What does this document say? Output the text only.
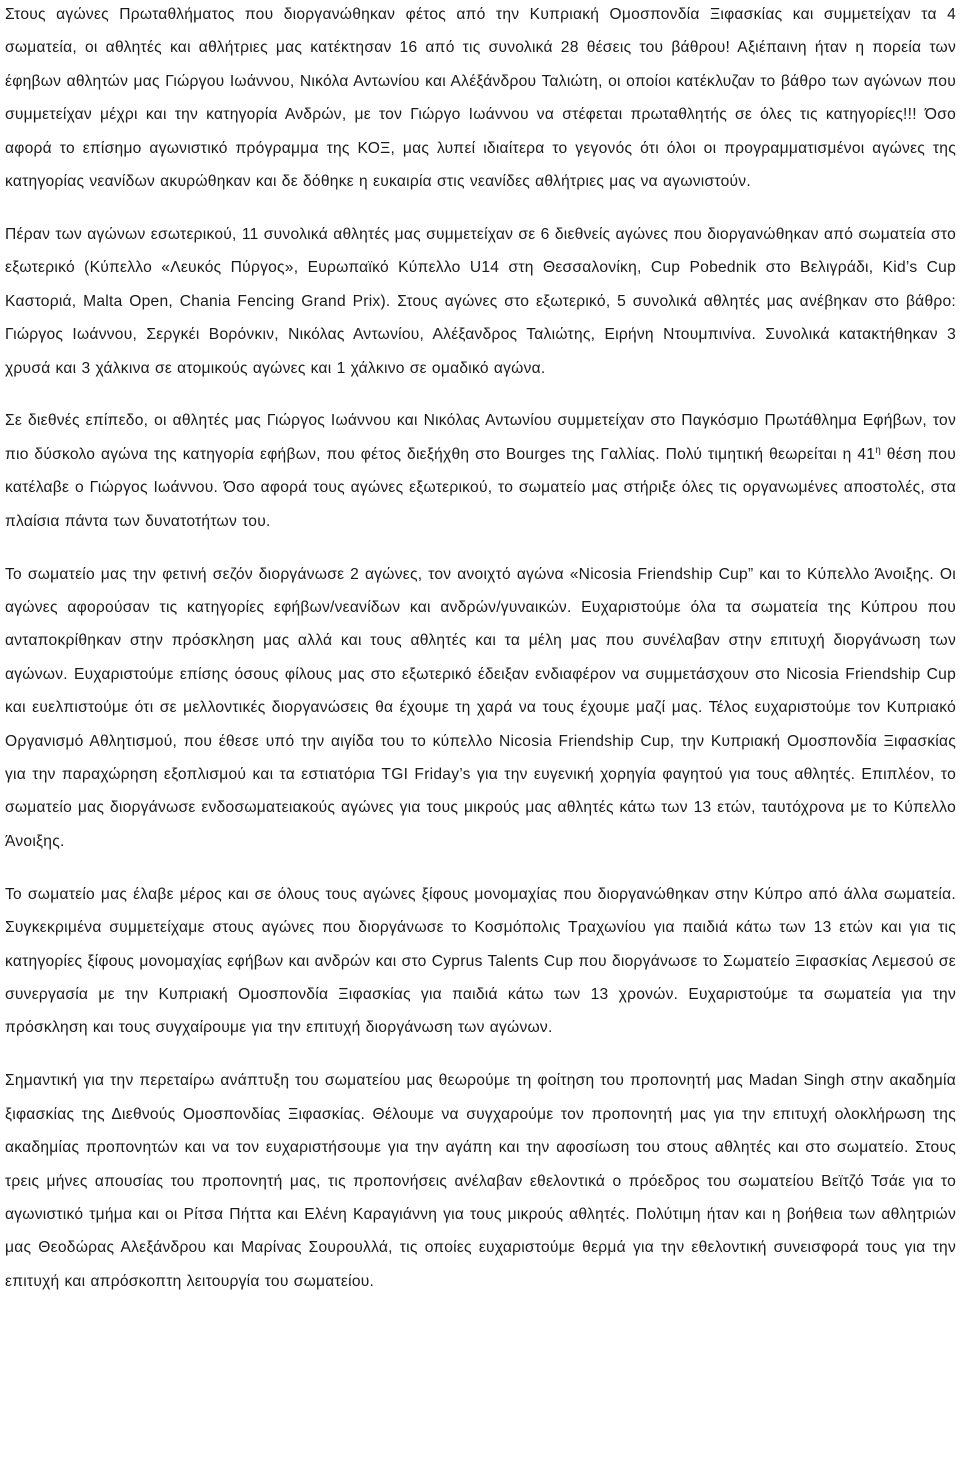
Στους αγώνες Πρωταθλήματος που διοργανώθηκαν φέτος από την Κυπριακή Ομοσπονδία Ξιφασκίας και συμμετείχαν τα 4 σωματεία, οι αθλητές και αθλήτριες μας κατέκτησαν 16 από τις συνολικά 28 θέσεις του βάθρου! Αξιέπαινη ήταν η πορεία των έφηβων αθλητών μας Γιώργου Ιωάννου, Νικόλα Αντωνίου και Αλέξάνδρου Ταλιώτη, οι οποίοι κατέκλυζαν το βάθρο των αγώνων που συμμετείχαν μέχρι και την κατηγορία Ανδρών, με τον Γιώργο Ιωάννου να στέφεται πρωταθλητής σε όλες τις κατηγορίες!!! Όσο αφορά το επίσημο αγωνιστικό πρόγραμμα της ΚΟΞ, μας λυπεί ιδιαίτερα το γεγονός ότι όλοι οι προγραμματισμένοι αγώνες της κατηγορίας νεανίδων ακυρώθηκαν και δε δόθηκε η ευκαιρία στις νεανίδες αθλήτριες μας να αγωνιστούν.

Πέραν των αγώνων εσωτερικού, 11 συνολικά αθλητές μας συμμετείχαν σε 6 διεθνείς αγώνες που διοργανώθηκαν από σωματεία στο εξωτερικό (Κύπελλο «Λευκός Πύργος», Ευρωπαϊκό Κύπελλο U14 στη Θεσσαλονίκη, Cup Pobednik στο Βελιγράδι, Kid’s Cup Καστοριά, Malta Open, Chania Fencing Grand Prix). Στους αγώνες στο εξωτερικό, 5 συνολικά αθλητές μας ανέβηκαν στο βάθρο: Γιώργος Ιωάννου, Σεργκέι Βορόνκιν, Νικόλας Αντωνίου, Αλέξανδρος Ταλιώτης, Ειρήνη Ντουμπινίνα. Συνολικά κατακτήθηκαν 3 χρυσά και 3 χάλκινα σε ατομικούς αγώνες και 1 χάλκινο σε ομαδικό αγώνα.

Σε διεθνές επίπεδο, οι αθλητές μας Γιώργος Ιωάννου και Νικόλας Αντωνίου συμμετείχαν στο Παγκόσμιο Πρωτάθλημα Εφήβων, τον πιο δύσκολο αγώνα της κατηγορία εφήβων, που φέτος διεξήχθη στο Bourges της Γαλλίας. Πολύ τιμητική θεωρείται η $41^\eta$ θέση που κατέλαβε ο Γιώργος Ιωάννου. Όσο αφορά τους αγώνες εξωτερικού, το σωματείο μας στήριξε όλες τις οργανωμένες αποστολές, στα πλαίσια πάντα των δυνατοτήτων του.

Το σωματείο μας την φετινή σεζόν διοργάνωσε 2 αγώνες, τον ανοιχτό αγώνα «Nicosia Friendship Cup” και το Κύπελλο Άνοιξης. Οι αγώνες αφορούσαν τις κατηγορίες εφήβων/νεανίδων και ανδρών/γυναικών. Ευχαριστούμε όλα τα σωματεία της Κύπρου που ανταποκρίθηκαν στην πρόσκληση μας αλλά και τους αθλητές και τα μέλη μας που συνέλαβαν στην επιτυχή διοργάνωση των αγώνων. Ευχαριστούμε επίσης όσους φίλους μας στο εξωτερικό έδειξαν ενδιαφέρον να συμμετάσχουν στο Nicosia Friendship Cup και ευελπιστούμε ότι σε μελλοντικές διοργανώσεις θα έχουμε τη χαρά να τους έχουμε μαζί μας. Τέλος ευχαριστούμε τον Κυπριακό Οργανισμό Αθλητισμού, που έθεσε υπό την αιγίδα του το κύπελλο Nicosia Friendship Cup, την Κυπριακή Ομοσπονδία Ξιφασκίας για την παραχώρηση εξοπλισμού και τα εστιατόρια TGI Friday’s για την ευγενική χορηγία φαγητού για τους αθλητές. Επιπλέον, το σωματείο μας διοργάνωσε ενδοσωματειακούς αγώνες για τους μικρούς μας αθλητές κάτω των 13 ετών, ταυτόχρονα με το Κύπελλο Άνοιξης.

Το σωματείο μας έλαβε μέρος και σε όλους τους αγώνες ξίφους μονομαχίας που διοργανώθηκαν στην Κύπρο από άλλα σωματεία. Συγκεκριμένα συμμετείχαμε στους αγώνες που διοργάνωσε το Κοσμόπολις Τραχωνίου για παιδιά κάτω των 13 ετών και για τις κατηγορίες ξίφους μονομαχίας εφήβων και ανδρών και στο Cyprus Talents Cup που διοργάνωσε το Σωματείο Ξιφασκίας Λεμεσού σε συνεργασία με την Κυπριακή Ομοσπονδία Ξιφασκίας για παιδιά κάτω των 13 χρονών. Ευχαριστούμε τα σωματεία για την πρόσκληση και τους συγχαίρουμε για την επιτυχή διοργάνωση των αγώνων.

Σημαντική για την περεταίρω ανάπτυξη του σωματείου μας θεωρούμε τη φοίτηση του προπονητή μας Madan Singh στην ακαδημία ξιφασκίας της Διεθνούς Ομοσπονδίας Ξιφασκίας. Θέλουμε να συγχαρούμε τον προπονητή μας για την επιτυχή ολοκλήρωση της ακαδημίας προπονητών και να τον ευχαριστήσουμε για την αγάπη και την αφοσίωση του στους αθλητές και στο σωματείο. Στους τρεις μήνες απουσίας του προπονητή μας, τις προπονήσεις ανέλαβαν εθελοντικά ο πρόεδρος του σωματείου Βεϊτζό Τσάε για το αγωνιστικό τμήμα και οι Ρίτσα Πήττα και Ελένη Καραγιάννη για τους μικρούς αθλητές. Πολύτιμη ήταν και η βοήθεια των αθλητριών μας Θεοδώρας Αλεξάνδρου και Μαρίνας Σουρουλλά, τις οποίες ευχαριστούμε θερμά για την εθελοντική συνεισφορά τους για την επιτυχή και απρόσκοπτη λειτουργία του σωματείου.
